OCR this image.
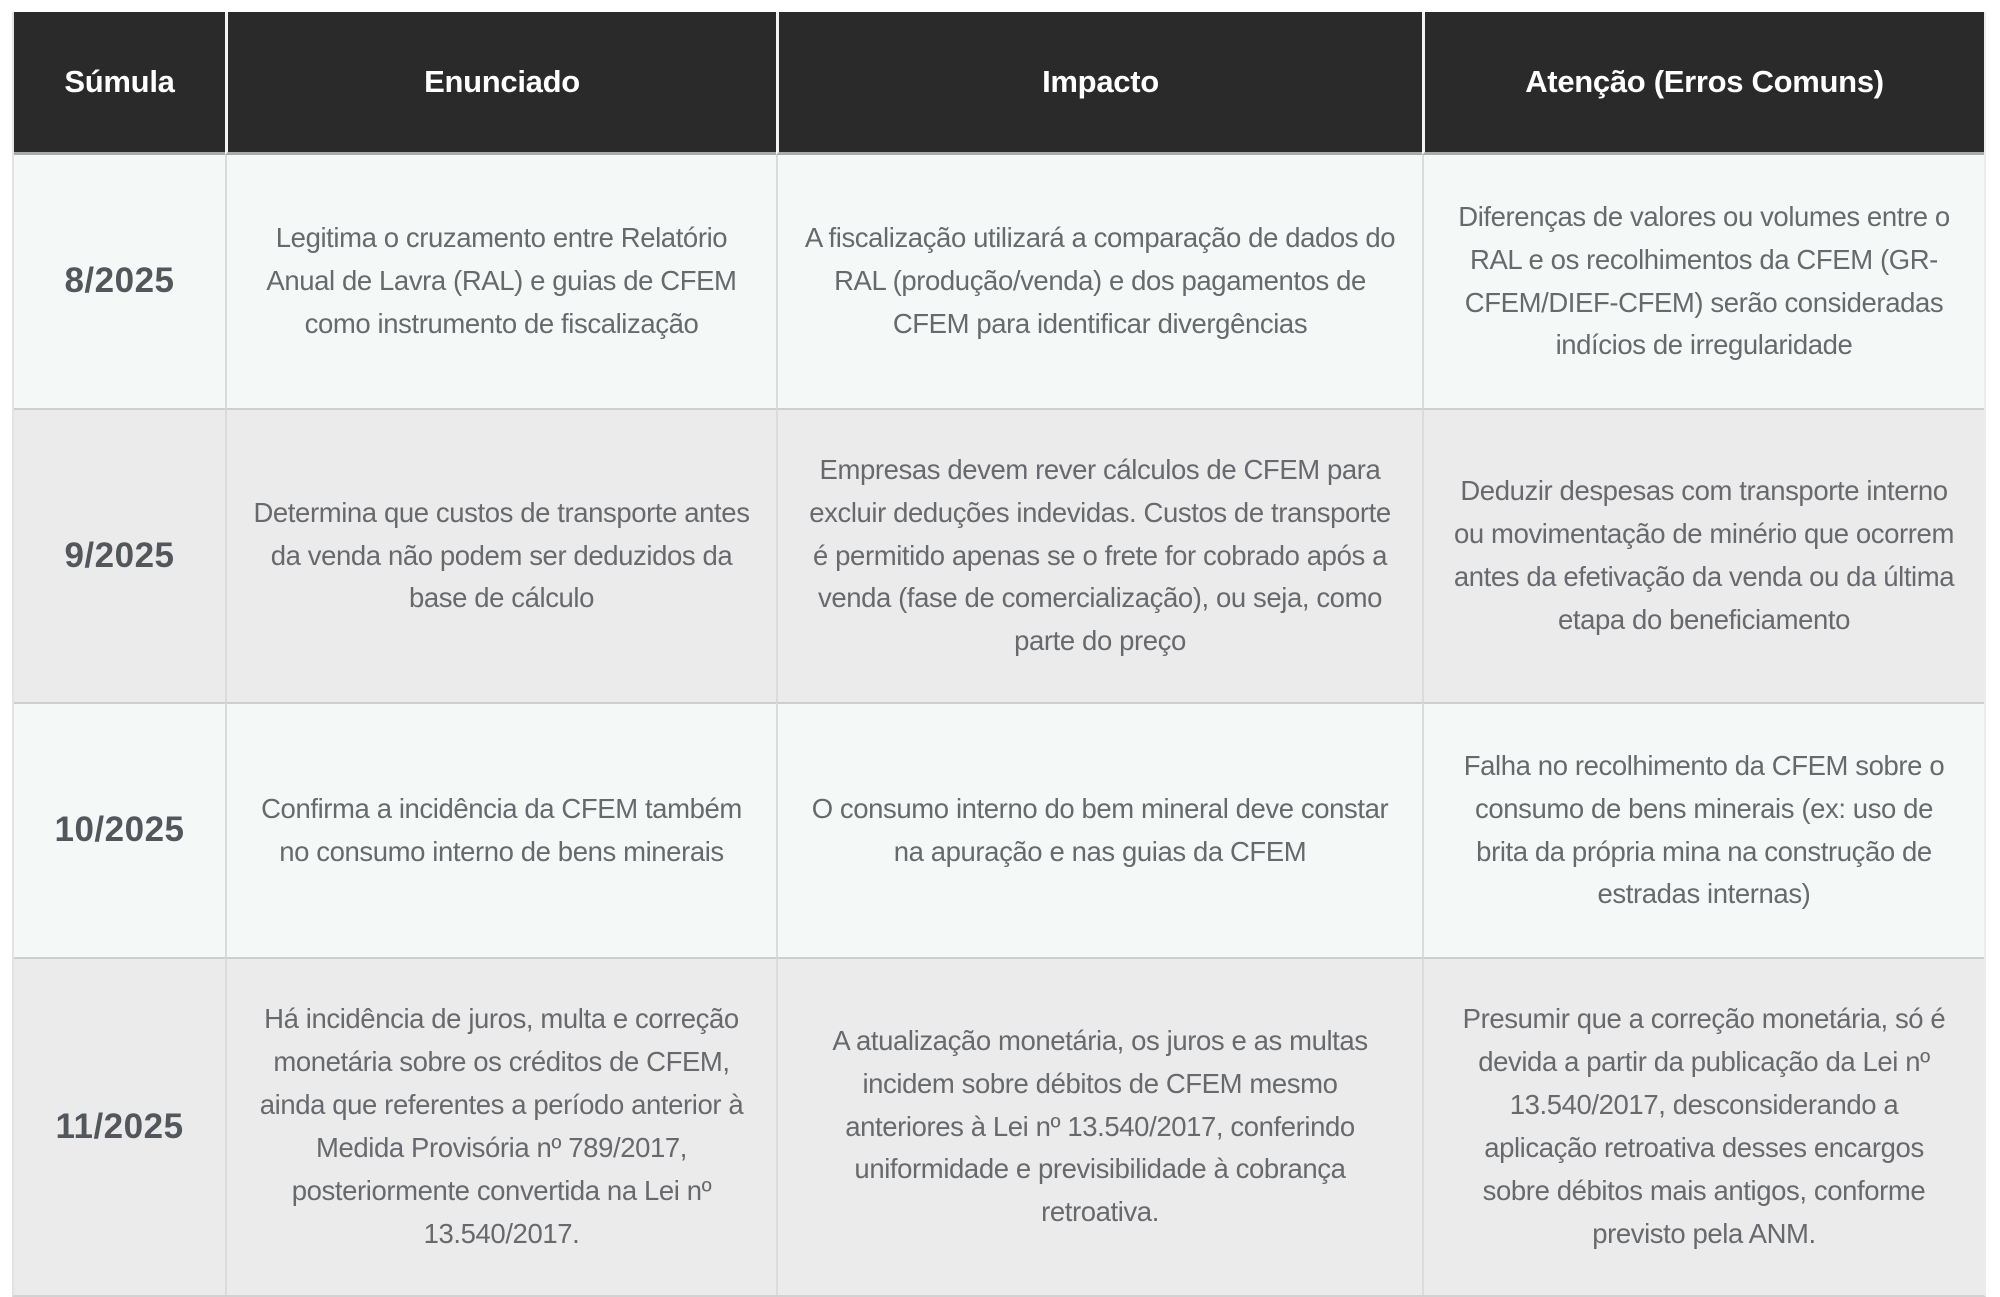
Súmula	Enunciado	Impacto	Atenção (Erros Comuns)
8/2025	Legitima o cruzamento entre Relatório Anual de Lavra (RAL) e guias de CFEM como instrumento de fiscalização	A fiscalização utilizará a comparação de dados do RAL (produção/venda) e dos pagamentos de CFEM para identificar divergências	Diferenças de valores ou volumes entre o RAL e os recolhimentos da CFEM (GR-CFEM/DIEF-CFEM) serão consideradas indícios de irregularidade
9/2025	Determina que custos de transporte antes da venda não podem ser deduzidos da base de cálculo	Empresas devem rever cálculos de CFEM para excluir deduções indevidas. Custos de transporte é permitido apenas se o frete for cobrado após a venda (fase de comercialização), ou seja, como parte do preço	Deduzir despesas com transporte interno ou movimentação de minério que ocorrem antes da efetivação da venda ou da última etapa do beneficiamento
10/2025	Confirma a incidência da CFEM também no consumo interno de bens minerais	O consumo interno do bem mineral deve constar na apuração e nas guias da CFEM	Falha no recolhimento da CFEM sobre o consumo de bens minerais (ex: uso de brita da própria mina na construção de estradas internas)
11/2025	Há incidência de juros, multa e correção monetária sobre os créditos de CFEM, ainda que referentes a período anterior à Medida Provisória nº 789/2017, posteriormente convertida na Lei nº 13.540/2017.	A atualização monetária, os juros e as multas incidem sobre débitos de CFEM mesmo anteriores à Lei nº 13.540/2017, conferindo uniformidade e previsibilidade à cobrança retroativa.	Presumir que a correção monetária, só é devida a partir da publicação da Lei nº 13.540/2017, desconsiderando a aplicação retroativa desses encargos sobre débitos mais antigos, conforme previsto pela ANM.
